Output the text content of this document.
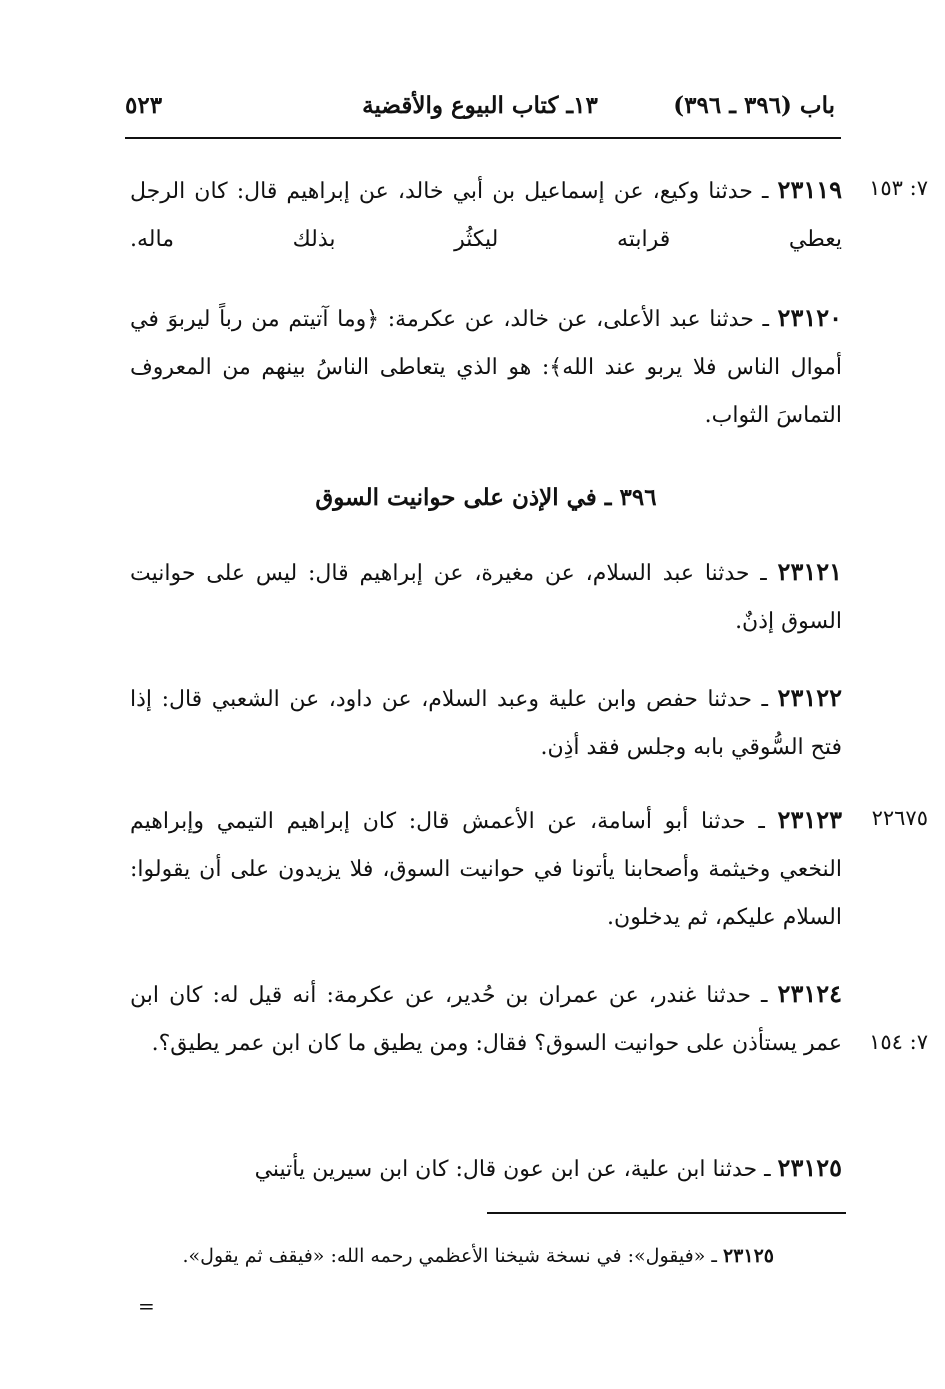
باب (٣٩٦ ـ ٣٩٦)
١٣ـ كتاب البيوع والأقضية
٥٢٣
٧: ١٥٣
٢٢٦٧٥
٧: ١٥٤
٢٣١١٩ ـ حدثنا وكيع، عن إسماعيل بن أبي خالد، عن إبراهيم قال: كان الرجل يعطي قرابته ليكثُر بذلك ماله.
٢٣١٢٠ ـ حدثنا عبد الأعلى، عن خالد، عن عكرمة: ﴿وما آتيتم من رباً ليربوَ في أموال الناس فلا يربو عند الله﴾: هو الذي يتعاطى الناسُ بينهم من المعروف التماسَ الثواب.
٣٩٦ ـ في الإذن على حوانيت السوق
٢٣١٢١ ـ حدثنا عبد السلام، عن مغيرة، عن إبراهيم قال: ليس على حوانيت السوق إذنٌ.
٢٣١٢٢ ـ حدثنا حفص وابن علية وعبد السلام، عن داود، عن الشعبي قال: إذا فتح السُّوقي بابه وجلس فقد أذِن.
٢٣١٢٣ ـ حدثنا أبو أسامة، عن الأعمش قال: كان إبراهيم التيمي وإبراهيم النخعي وخيثمة وأصحابنا يأتونا في حوانيت السوق، فلا يزيدون على أن يقولوا: السلام عليكم، ثم يدخلون.
٢٣١٢٤ ـ حدثنا غندر، عن عمران بن حُدير، عن عكرمة: أنه قيل له: كان ابن عمر يستأذن على حوانيت السوق؟ فقال: ومن يطيق ما كان ابن عمر يطيق؟.
٢٣١٢٥ ـ حدثنا ابن علية، عن ابن عون قال: كان ابن سيرين يأتيني
٢٣١٢٥ ـ «فيقول»: في نسخة شيخنا الأعظمي رحمه الله: «فيقف ثم يقول».
=
